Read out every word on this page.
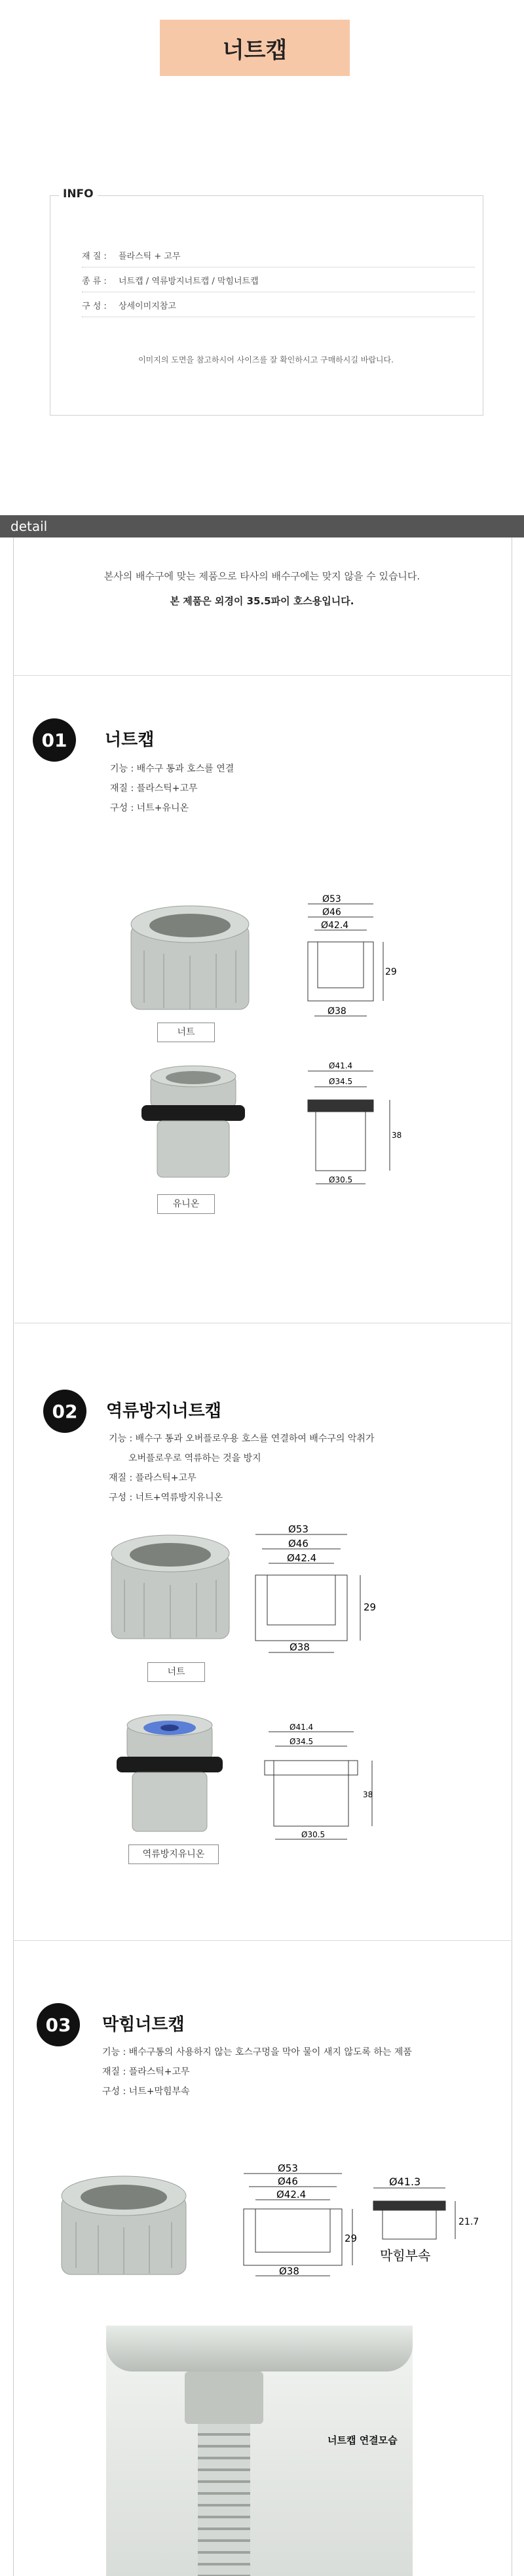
너트캡
INFO
재 질 : 플라스틱 + 고무
종 류 : 너트캡 / 역류방지너트캡 / 막힘너트캡
구 성 : 상세이미지참고
이미지의 도면을 참고하시어 사이즈를 잘 확인하시고 구매하시길 바랍니다.
detail
본사의 배수구에 맞는 제품으로 타사의 배수구에는 맞지 않을 수 있습니다.
본 제품은 외경이 35.5파이 호스용입니다.
01	너트캡
기능 : 배수구 통과 호스를 연결
재질 : 플라스틱+고무
구성 : 너트+유니온
너트
Ø53
Ø46
Ø42.4
29
Ø38
유니온
Ø41.4
Ø34.5
38
Ø30.5
02	역류방지너트캡
기능 : 배수구 통과 오버플로우용 호스를 연결하여 배수구의 악취가
오버플로우로 역류하는 것을 방지
재질 : 플라스틱+고무
구성 : 너트+역류방지유니온
너트
Ø53
Ø46
Ø42.4
29
Ø38
역류방지유니온
Ø41.4
Ø34.5
38
Ø30.5
03	막힘너트캡
기능 : 배수구통의 사용하지 않는 호스구멍을 막아 물이 새지 않도록 하는 제품
재질 : 플라스틱+고무
구성 : 너트+막힘부속
Ø53
Ø46
Ø42.4
29
Ø38
Ø41.3
21.7
막힘부속
너트캡 연결모습
